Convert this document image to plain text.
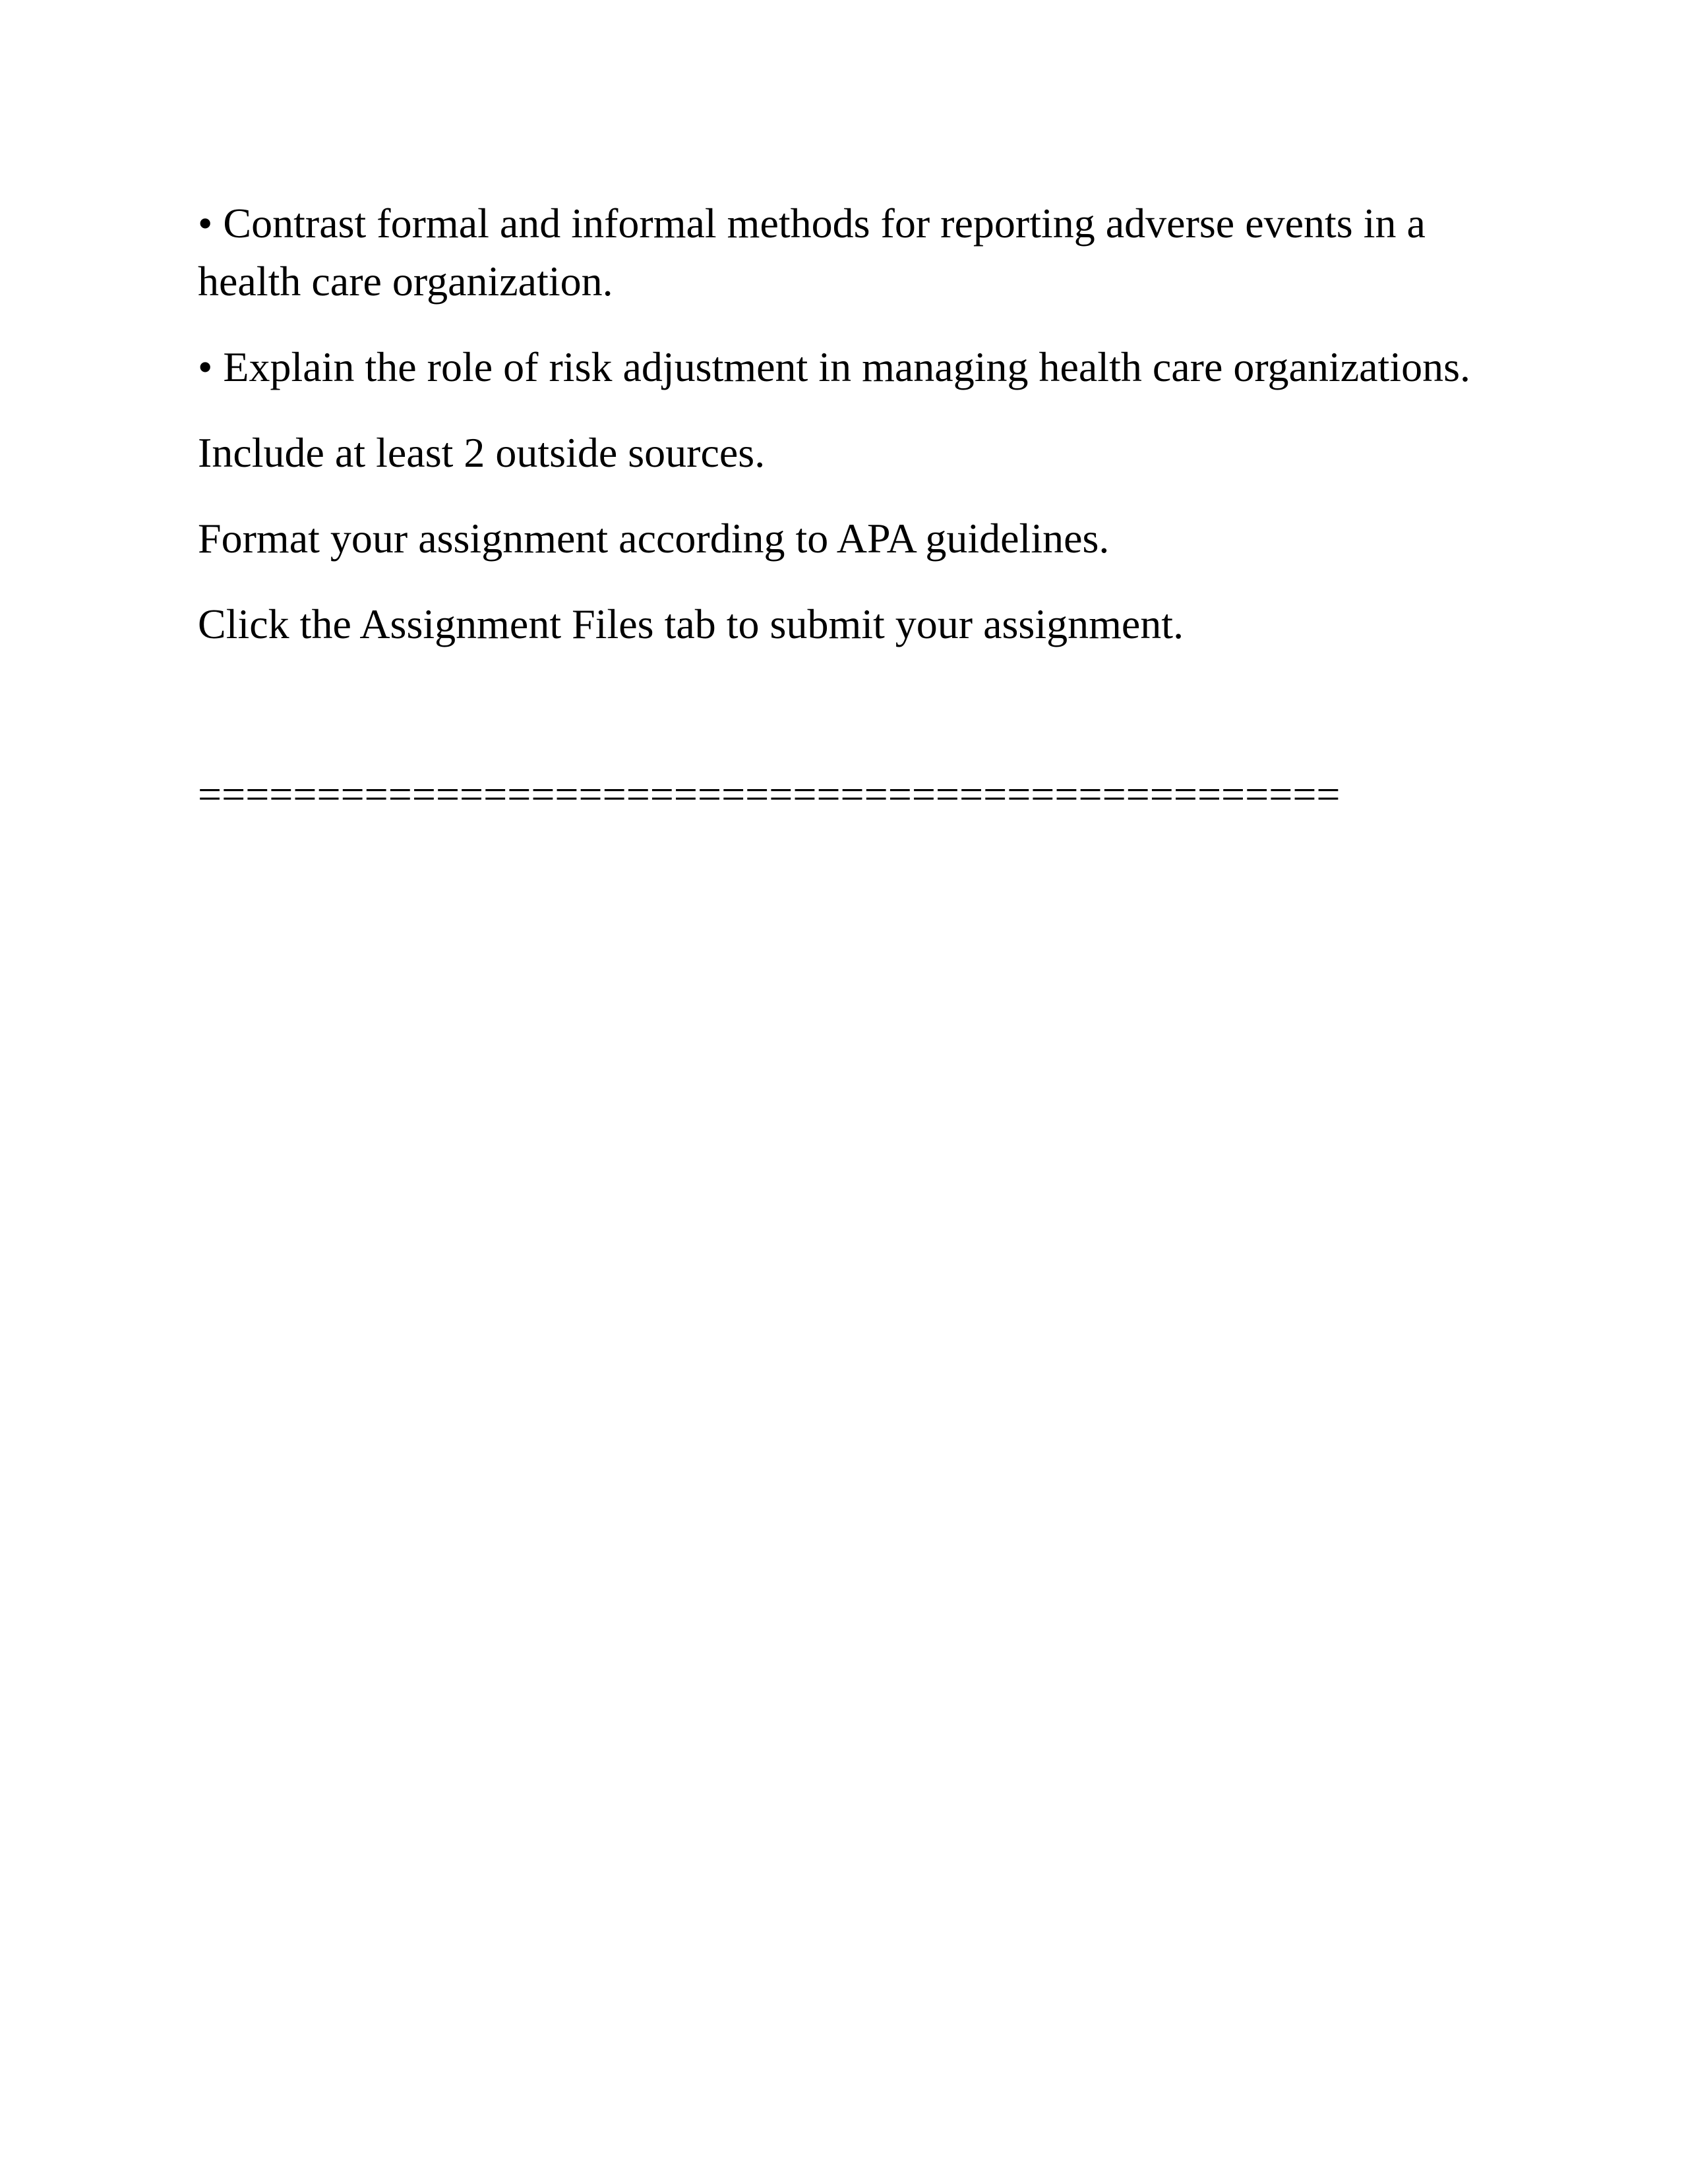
• Contrast formal and informal methods for reporting adverse events in a health care organization.

• Explain the role of risk adjustment in managing health care organizations.

Include at least 2 outside sources.

Format your assignment according to APA guidelines.

Click the Assignment Files tab to submit your assignment.

================================================
